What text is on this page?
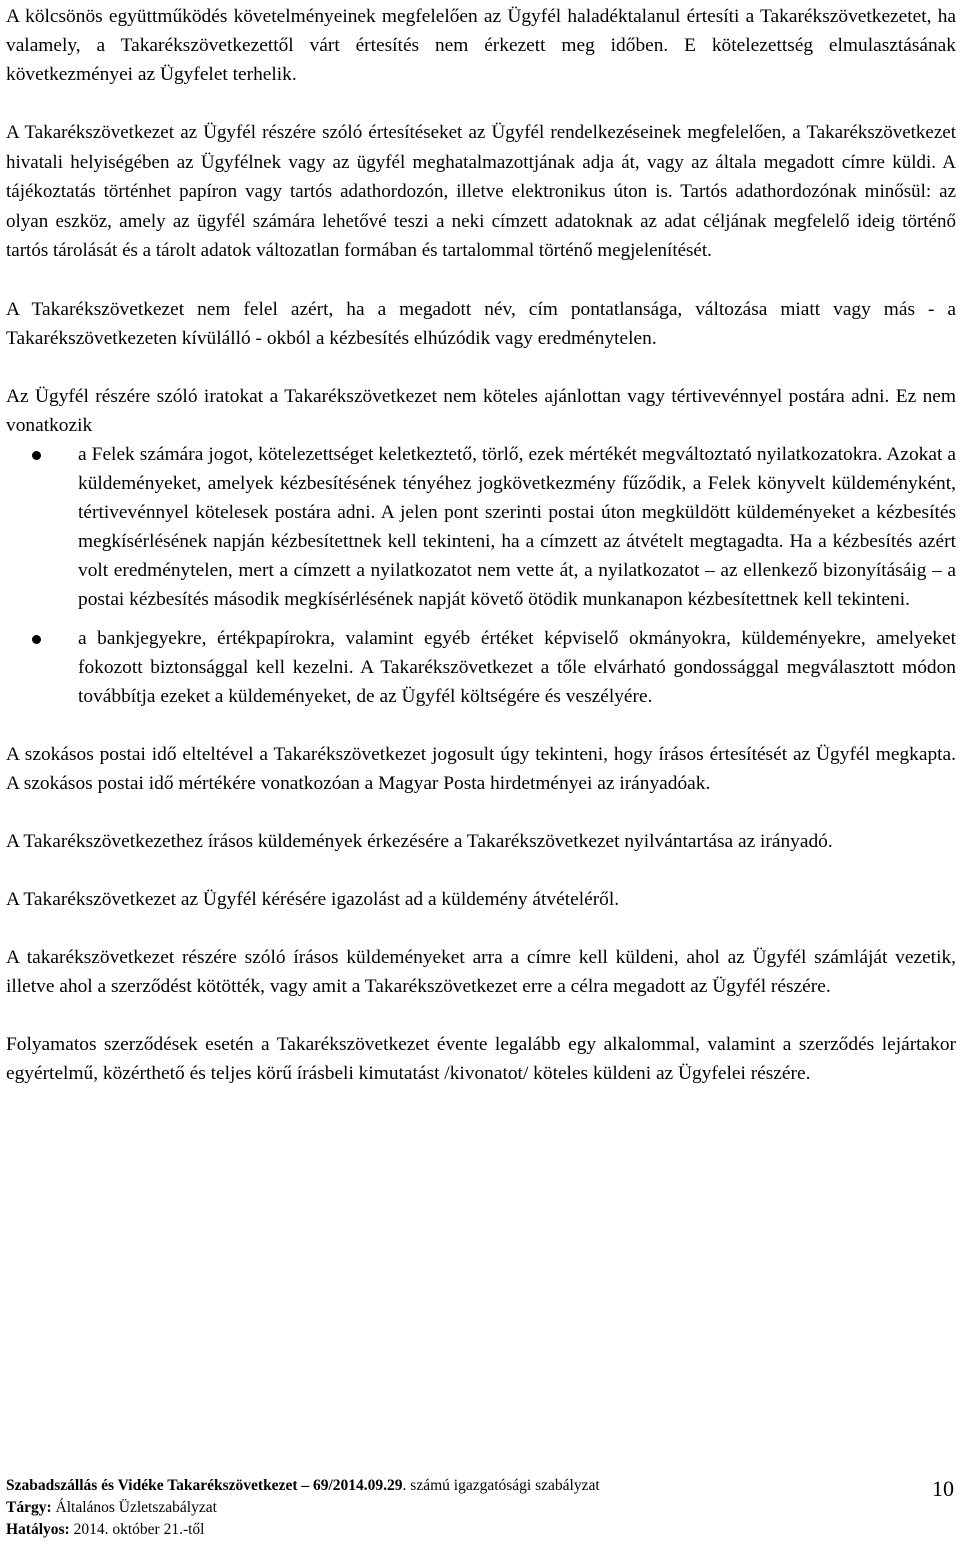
A kölcsönös együttműködés követelményeinek megfelelően az Ügyfél haladéktalanul értesíti a Takarékszövetkezetet, ha valamely, a Takarékszövetkezettől várt értesítés nem érkezett meg időben. E kötelezettség elmulasztásának következményei az Ügyfelet terhelik.

A Takarékszövetkezet az Ügyfél részére szóló értesítéseket az Ügyfél rendelkezéseinek megfelelően, a Takarékszövetkezet hivatali helyiségében az Ügyfélnek vagy az ügyfél meghatalmazottjának adja át, vagy az általa megadott címre küldi. A tájékoztatás történhet papíron vagy tartós adathordozón, illetve elektronikus úton is. Tartós adathordozónak minősül: az olyan eszköz, amely az ügyfél számára lehetővé teszi a neki címzett adatoknak az adat céljának megfelelő ideig történő tartós tárolását és a tárolt adatok változatlan formában és tartalommal történő megjelenítését.

A Takarékszövetkezet nem felel azért, ha a megadott név, cím pontatlansága, változása miatt vagy más - a Takarékszövetkezeten kívülálló - okból a kézbesítés elhúzódik vagy eredménytelen.

Az Ügyfél részére szóló iratokat a Takarékszövetkezet nem köteles ajánlottan vagy tértivevénnyel postára adni. Ez nem vonatkozik

a Felek számára jogot, kötelezettséget keletkeztető, törlő, ezek mértékét megváltoztató nyilatkozatokra. Azokat a küldeményeket, amelyek kézbesítésének tényéhez jogkövetkezmény fűződik, a Felek könyvelt küldeményként, tértivevénnyel kötelesek postára adni. A jelen pont szerinti postai úton megküldött küldeményeket a kézbesítés megkísérlésének napján kézbesítettnek kell tekinteni, ha a címzett az átvételt megtagadta. Ha a kézbesítés azért volt eredménytelen, mert a címzett a nyilatkozatot nem vette át, a nyilatkozatot – az ellenkező bizonyításáig – a postai kézbesítés második megkísérlésének napját követő ötödik munkanapon kézbesítettnek kell tekinteni.

a bankjegyekre, értékpapírokra, valamint egyéb értéket képviselő okmányokra, küldeményekre, amelyeket fokozott biztonsággal kell kezelni. A Takarékszövetkezet a tőle elvárható gondossággal megválasztott módon továbbítja ezeket a küldeményeket, de az Ügyfél költségére és veszélyére.

A szokásos postai idő elteltével a Takarékszövetkezet jogosult úgy tekinteni, hogy írásos értesítését az Ügyfél megkapta. A szokásos postai idő mértékére vonatkozóan a Magyar Posta hirdetményei az irányadóak.

A Takarékszövetkezethez írásos küldemények érkezésére a Takarékszövetkezet nyilvántartása az irányadó.

A Takarékszövetkezet az Ügyfél kérésére igazolást ad a küldemény átvételéről.

A takarékszövetkezet részére szóló írásos küldeményeket arra a címre kell küldeni, ahol az Ügyfél számláját vezetik, illetve ahol a szerződést kötötték, vagy amit a Takarékszövetkezet erre a célra megadott az Ügyfél részére.

Folyamatos szerződések esetén a Takarékszövetkezet évente legalább egy alkalommal, valamint a szerződés lejártakor egyértelmű, közérthető és teljes körű írásbeli kimutatást /kivonatot/ köteles küldeni az Ügyfelei részére.

Szabadszállás és Vidéke Takarékszövetkezet – 69/2014.09.29. számú igazgatósági szabályzat
Tárgy: Általános Üzletszabályzat
Hatályos: 2014. október 21.-től
10
